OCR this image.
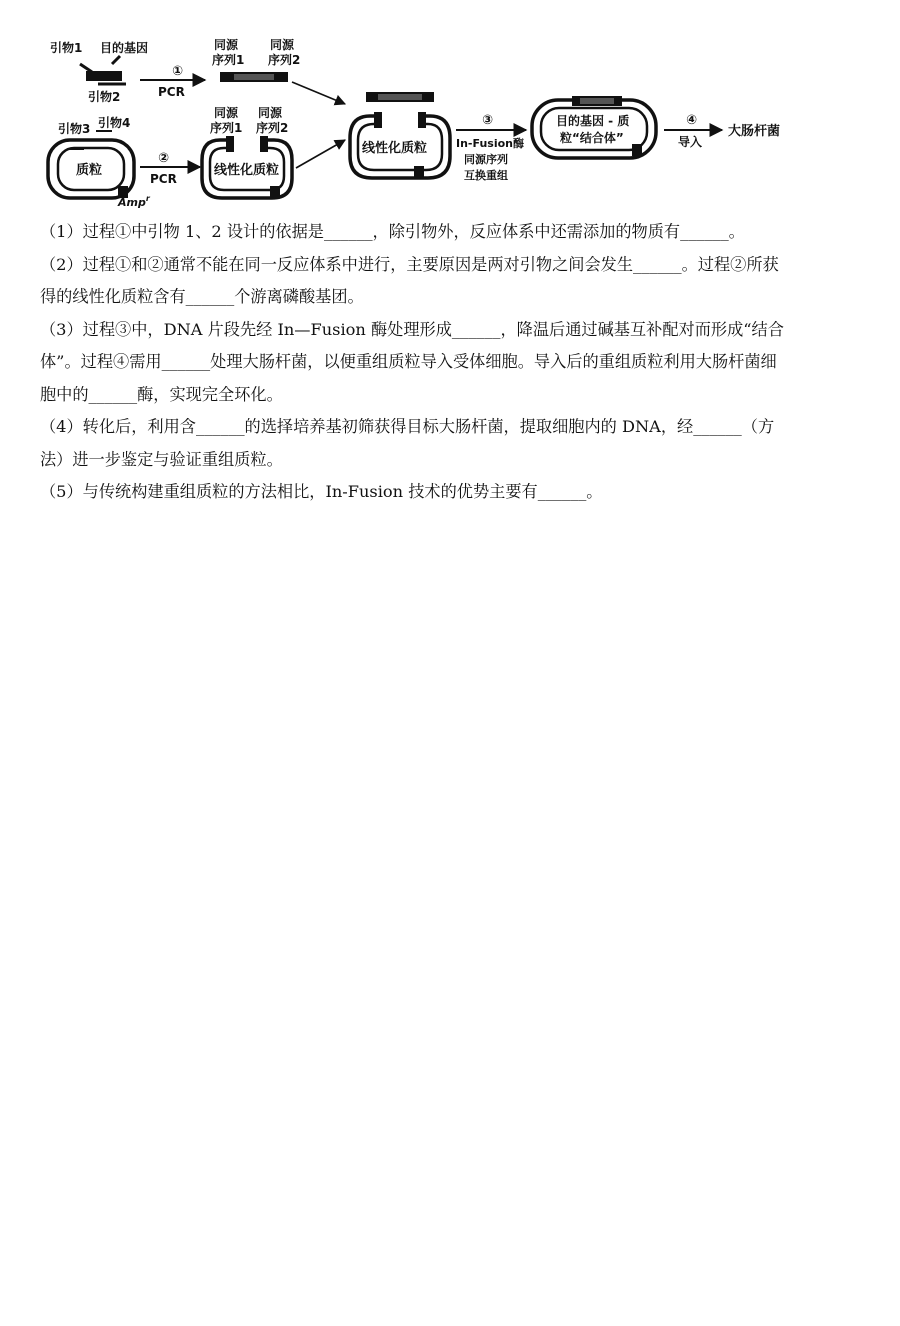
引物1 目的基因
引物2
①
PCR
同源
序列1
同源
序列2
引物3 引物4
质粒
Amp$^r$
②
PCR
同源
序列1
同源
序列2
线性化质粒
线性化质粒
③
In-Fusion酶
同源序列
互换重组
目的基因 - 质
粒“结合体”
④
导入
大肠杆菌

（1）过程①中引物 1、2 设计的依据是______，除引物外，反应体系中还需添加的物质有______。

（2）过程①和②通常不能在同一反应体系中进行，主要原因是两对引物之间会发生______。过程②所获

得的线性化质粒含有______个游离磷酸基团。

（3）过程③中，DNA 片段先经 In—Fusion 酶处理形成______，降温后通过碱基互补配对而形成“结合

体”。过程④需用______处理大肠杆菌，以便重组质粒导入受体细胞。导入后的重组质粒利用大肠杆菌细

胞中的______酶，实现完全环化。

（4）转化后，利用含______的选择培养基初筛获得目标大肠杆菌，提取细胞内的 DNA，经______（方

法）进一步鉴定与验证重组质粒。

（5）与传统构建重组质粒的方法相比，In-Fusion 技术的优势主要有______。
